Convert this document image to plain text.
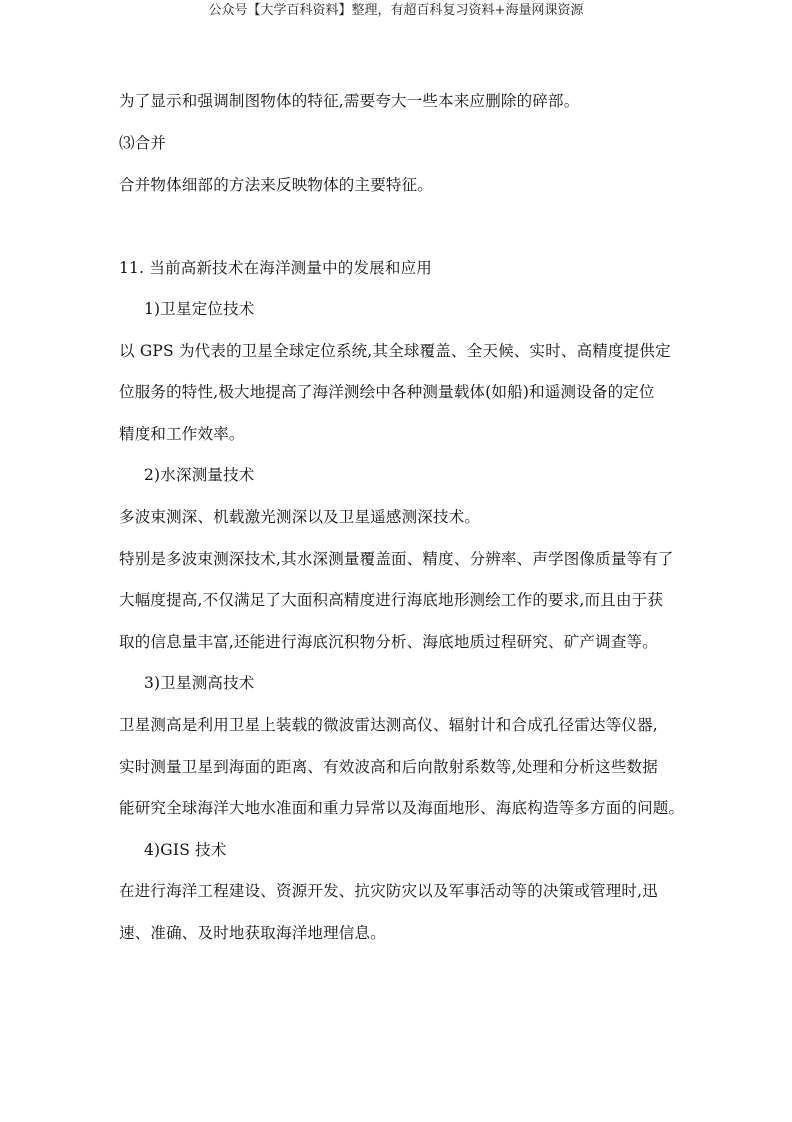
公众号【大学百科资料】整理，有超百科复习资料+海量网课资源
为了显示和强调制图物体的特征,需要夸大一些本来应删除的碎部。
⑶合并
合并物体细部的方法来反映物体的主要特征。
11. 当前高新技术在海洋测量中的发展和应用
1)卫星定位技术
以 GPS 为代表的卫星全球定位系统,其全球覆盖、全天候、实时、高精度提供定
位服务的特性,极大地提高了海洋测绘中各种测量载体(如船)和遥测设备的定位
精度和工作效率。
2)水深测量技术
多波束测深、机载激光测深以及卫星遥感测深技术。
特别是多波束测深技术,其水深测量覆盖面、精度、分辨率、声学图像质量等有了
大幅度提高,不仅满足了大面积高精度进行海底地形测绘工作的要求,而且由于获
取的信息量丰富,还能进行海底沉积物分析、海底地质过程研究、矿产调查等。
3)卫星测高技术
卫星测高是利用卫星上装载的微波雷达测高仪、辐射计和合成孔径雷达等仪器,
实时测量卫星到海面的距离、有效波高和后向散射系数等,处理和分析这些数据
能研究全球海洋大地水准面和重力异常以及海面地形、海底构造等多方面的问题。
4)GIS 技术
在进行海洋工程建设、资源开发、抗灾防灾以及军事活动等的决策或管理时,迅
速、准确、及时地获取海洋地理信息。
